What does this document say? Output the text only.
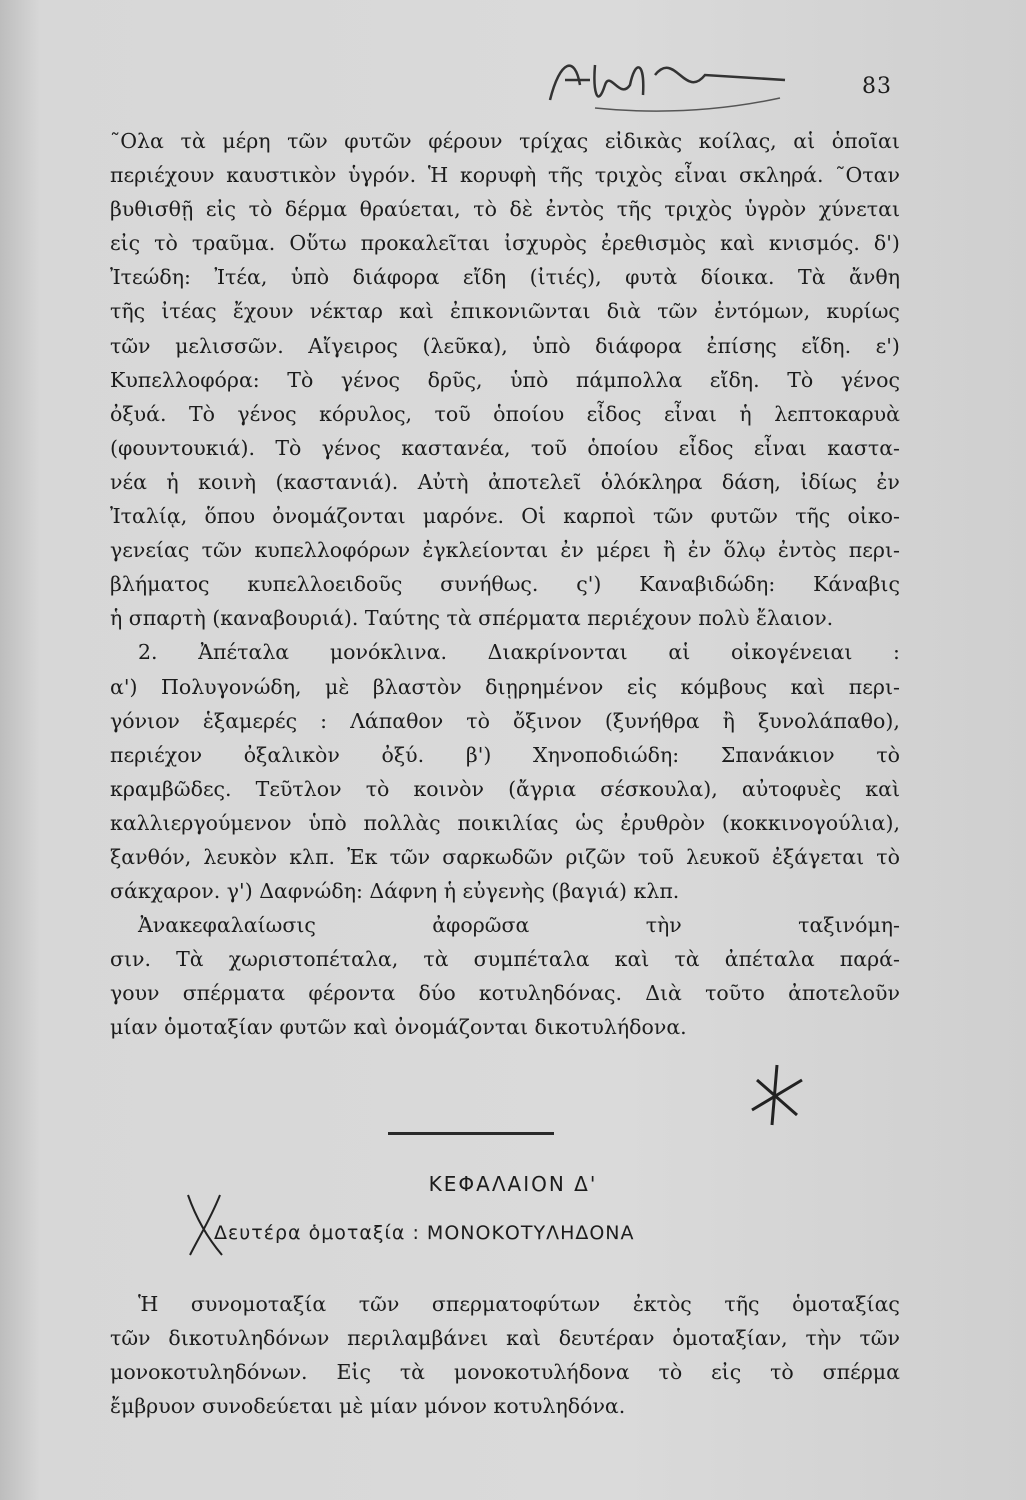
83
˜Ολα τὰ μέρη τῶν φυτῶν φέρουν τρίχας εἰδικὰς κοίλας, αἱ ὁποῖαι
περιέχουν καυστικὸν ὑγρόν. Ἡ κορυφὴ τῆς τριχὸς εἶναι σκληρά. ˜Οταν
βυθισθῇ εἰς τὸ δέρμα θραύεται, τὸ δὲ ἐντὸς τῆς τριχὸς ὑγρὸν χύνεται
εἰς τὸ τραῦμα. Οὕτω προκαλεῖται ἰσχυρὸς ἐρεθισμὸς καὶ κνισμός. δ')
Ἰτεώδη: Ἰτέα, ὑπὸ διάφορα εἴδη (ἰτιές), φυτὰ δίοικα. Τὰ ἄνθη
τῆς ἰτέας ἔχουν νέκταρ καὶ ἐπικονιῶνται διὰ τῶν ἐντόμων, κυρίως
τῶν μελισσῶν. Αἴγειρος (λεῦκα), ὑπὸ διάφορα ἐπίσης εἴδη. ε')
Κυπελλοφόρα: Τὸ γένος δρῦς, ὑπὸ πάμπολλα εἴδη. Τὸ γένος
ὀξυά. Τὸ γένος κόρυλος, τοῦ ὁποίου εἶδος εἶναι ἡ λεπτοκαρυὰ
(φουντουκιά). Τὸ γένος καστανέα, τοῦ ὁποίου εἶδος εἶναι καστα-
νέα ἡ κοινὴ (καστανιά). Αὐτὴ ἀποτελεῖ ὁλόκληρα δάση, ἰδίως ἐν
Ἰταλίᾳ, ὅπου ὀνομάζονται μαρόνε. Οἱ καρποὶ τῶν φυτῶν τῆς οἰκο-
γενείας τῶν κυπελλοφόρων ἐγκλείονται ἐν μέρει ἢ ἐν ὅλῳ ἐντὸς περι-
βλήματος κυπελλοειδοῦς συνήθως. ς') Καναβιδώδη: Κάναβις
ἡ σπαρτὴ (καναβουριά). Ταύτης τὰ σπέρματα περιέχουν πολὺ ἔλαιον.
2. Ἀπέταλα μονόκλινα. Διακρίνονται αἱ οἰκογένειαι :
α') Πολυγονώδη, μὲ βλαστὸν διῃρημένον εἰς κόμβους καὶ περι-
γόνιον ἑξαμερές : Λάπαθον τὸ ὄξινον (ξυνήθρα ἢ ξυνολάπαθο),
περιέχον ὀξαλικὸν ὀξύ. β') Χηνοποδιώδη: Σπανάκιον τὸ
κραμβῶδες. Τεῦτλον τὸ κοινὸν (ἄγρια σέσκουλα), αὐτοφυὲς καὶ
καλλιεργούμενον ὑπὸ πολλὰς ποικιλίας ὡς ἐρυθρὸν (κοκκινογούλια),
ξανθόν, λευκὸν κλπ. Ἐκ τῶν σαρκωδῶν ριζῶν τοῦ λευκοῦ ἐξάγεται τὸ
σάκχαρον. γ') Δαφνώδη: Δάφνη ἡ εὐγενὴς (βαγιά) κλπ.
Ἀνακεφαλαίωσις	ἀφορῶσα	τὴν	ταξινόμη-
σιν. Τὰ χωριστοπέταλα, τὰ συμπέταλα καὶ τὰ ἀπέταλα παρά-
γουν σπέρματα φέροντα δύο κοτυληδόνας. Διὰ τοῦτο ἀποτελοῦν
μίαν ὁμοταξίαν φυτῶν καὶ ὀνομάζονται δικοτυλήδονα.
ΚΕΦΑΛΑΙΟΝ Δ'
Δευτέρα ὁμοταξία : ΜΟΝΟΚΟΤΥΛΗΔΟΝΑ
Ἡ συνομοταξία τῶν σπερματοφύτων ἐκτὸς τῆς ὁμοταξίας
τῶν δικοτυληδόνων περιλαμβάνει καὶ δευτέραν ὁμοταξίαν, τὴν τῶν
μονοκοτυληδόνων. Εἰς τὰ μονοκοτυλήδονα τὸ εἰς τὸ σπέρμα
ἔμβρυον συνοδεύεται μὲ μίαν μόνον κοτυληδόνα.
